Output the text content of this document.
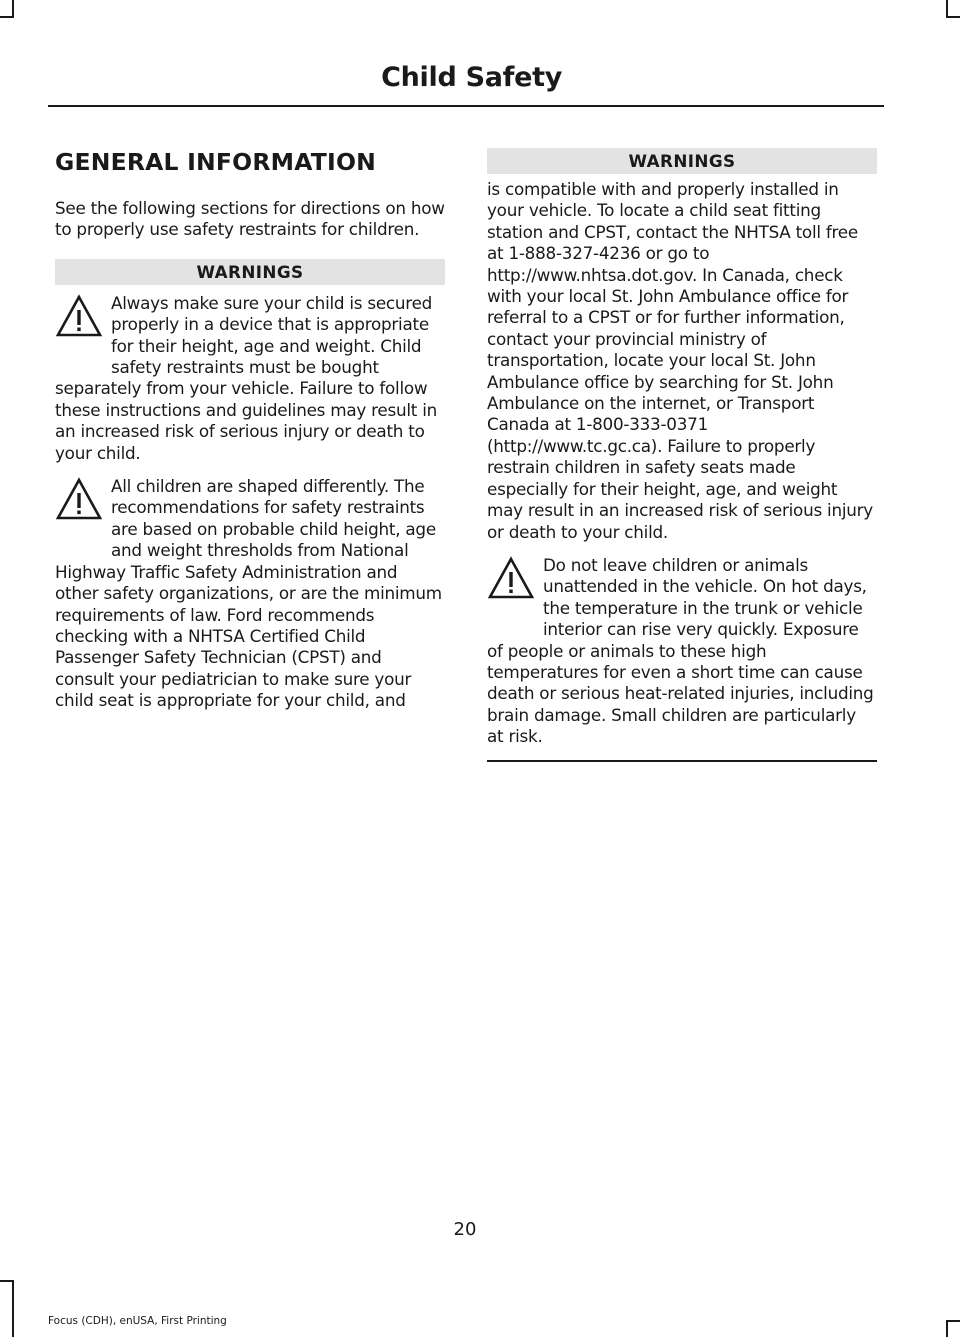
Child Safety
GENERAL INFORMATION

See the following sections for directions on how to properly use safety restraints for children.

WARNINGS

Always make sure your child is secured properly in a device that is appropriate for their height, age and weight. Child safety restraints must be bought separately from your vehicle. Failure to follow these instructions and guidelines may result in an increased risk of serious injury or death to your child.

All children are shaped differently. The recommendations for safety restraints are based on probable child height, age and weight thresholds from National Highway Traffic Safety Administration and other safety organizations, or are the minimum requirements of law. Ford recommends checking with a NHTSA Certified Child Passenger Safety Technician (CPST) and consult your pediatrician to make sure your child seat is appropriate for your child, and

WARNINGS

is compatible with and properly installed in your vehicle. To locate a child seat fitting station and CPST, contact the NHTSA toll free at 1-888-327-4236 or go to http://www.nhtsa.dot.gov. In Canada, check with your local St. John Ambulance office for referral to a CPST or for further information, contact your provincial ministry of transportation, locate your local St. John Ambulance office by searching for St. John Ambulance on the internet, or Transport Canada at 1-800-333-0371 (http://www.tc.gc.ca). Failure to properly restrain children in safety seats made especially for their height, age, and weight may result in an increased risk of serious injury or death to your child.

Do not leave children or animals unattended in the vehicle. On hot days, the temperature in the trunk or vehicle interior can rise very quickly. Exposure of people or animals to these high temperatures for even a short time can cause death or serious heat-related injuries, including brain damage. Small children are particularly at risk.

20
Focus (CDH), enUSA, First Printing
